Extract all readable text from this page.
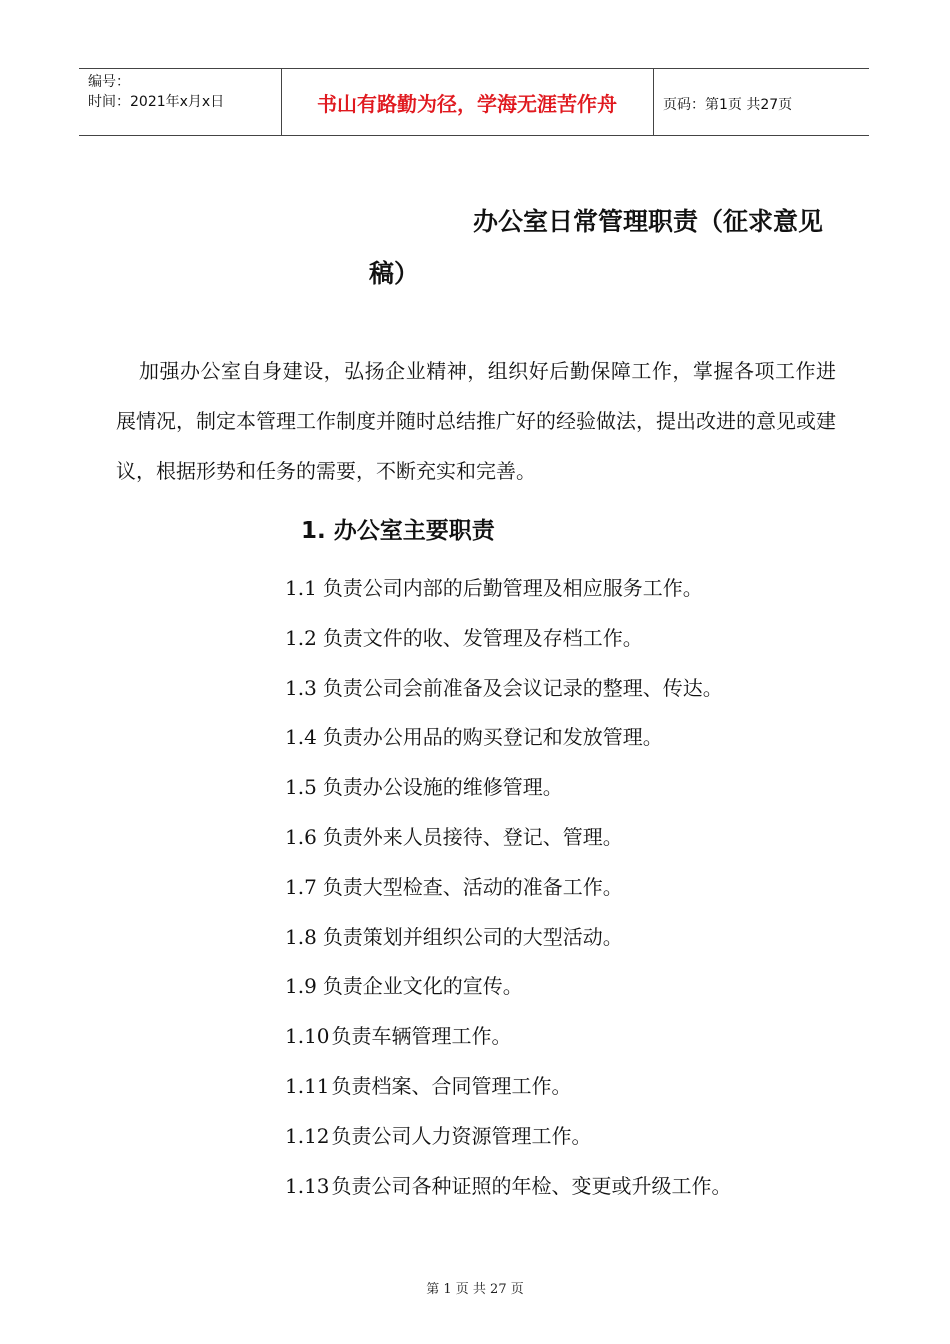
编号：
时间：2021年x月x日	书山有路勤为径，学海无涯苦作舟	页码：第1页 共27页
办公室日常管理职责（征求意见
稿）
加强办公室自身建设，弘扬企业精神，组织好后勤保障工作，掌握各项工作进展情况，制定本管理工作制度并随时总结推广好的经验做法，提出改进的意见或建议，根据形势和任务的需要，不断充实和完善。
1. 办公室主要职责
1.1 负责公司内部的后勤管理及相应服务工作。
1.2 负责文件的收、发管理及存档工作。
1.3 负责公司会前准备及会议记录的整理、传达。
1.4 负责办公用品的购买登记和发放管理。
1.5 负责办公设施的维修管理。
1.6 负责外来人员接待、登记、管理。
1.7 负责大型检查、活动的准备工作。
1.8 负责策划并组织公司的大型活动。
1.9 负责企业文化的宣传。
1.10 负责车辆管理工作。
1.11 负责档案、合同管理工作。
1.12 负责公司人力资源管理工作。
1.13 负责公司各种证照的年检、变更或升级工作。
第 1 页 共 27 页
